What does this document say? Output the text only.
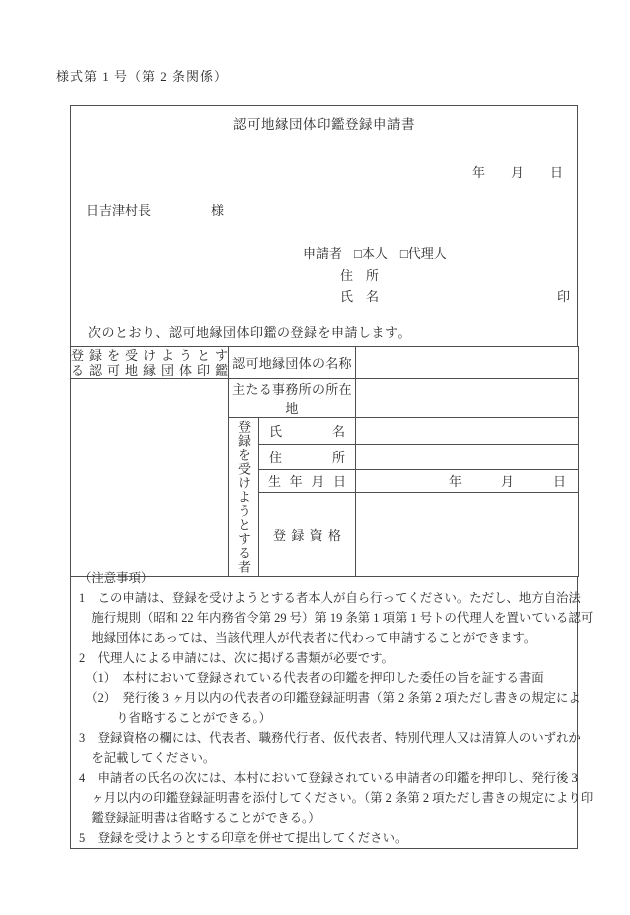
様式第 1 号（第 2 条関係）
認可地縁団体印鑑登録申請書
年　　月　　日
日吉津村長	様
申請者 □本人 □代理人
住　所
氏　名	印
次のとおり、認可地縁団体印鑑の登録を申請します。
登録を受けようとす
る認可地縁団体印鑑	認可地縁団体の名称		
	主たる事務所の所在地		
	登録を受けようとする者	氏名	
		住所	
		生年月日	年　　　月　　　日
		登録資格	
（注意事項）
1　この申請は、登録を受けようとする者本人が自ら行ってください。ただし、地方自治法
　施行規則（昭和 22 年内務省令第 29 号）第 19 条第 1 項第 1 号トの代理人を置いている認可
　地縁団体にあっては、当該代理人が代表者に代わって申請することができます。
2　代理人による申請には、次に掲げる書類が必要です。
　（1）　本村において登録されている代表者の印鑑を押印した委任の旨を証する書面
　（2）　発行後 3 ヶ月以内の代表者の印鑑登録証明書（第 2 条第 2 項ただし書きの規定によ
　　　り省略することができる。）
3　登録資格の欄には、代表者、職務代行者、仮代表者、特別代理人又は清算人のいずれか
　を記載してください。
4　申請者の氏名の次には、本村において登録されている申請者の印鑑を押印し、発行後 3
　ヶ月以内の印鑑登録証明書を添付してください。（第 2 条第 2 項ただし書きの規定により印
　鑑登録証明書は省略することができる。）
5　登録を受けようとする印章を併せて提出してください。
